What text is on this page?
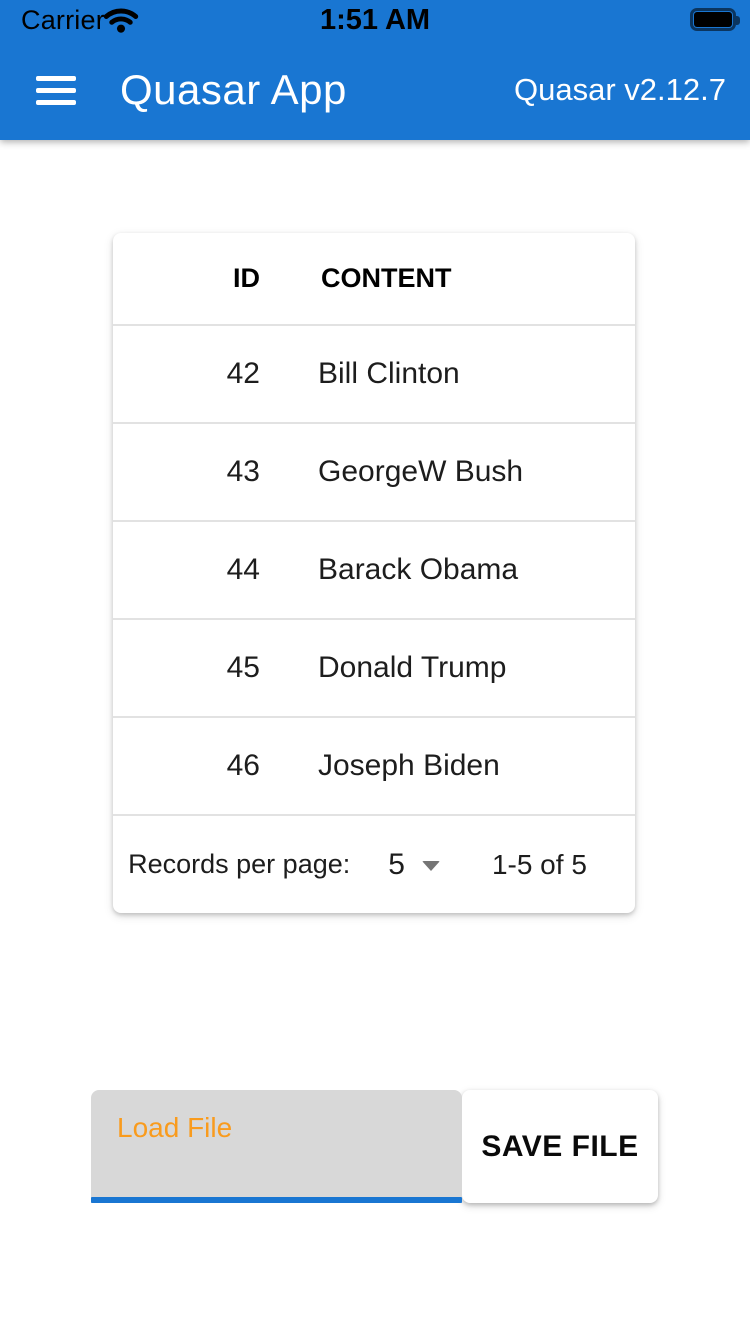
Carrier	1:51 AM
Quasar App	Quasar v2.12.7
ID	CONTENT
42	Bill Clinton
43	GeorgeW Bush
44	Barack Obama
45	Donald Trump
46	Joseph Biden
Records per page: 5	1-5 of 5
Load File
SAVE FILE
